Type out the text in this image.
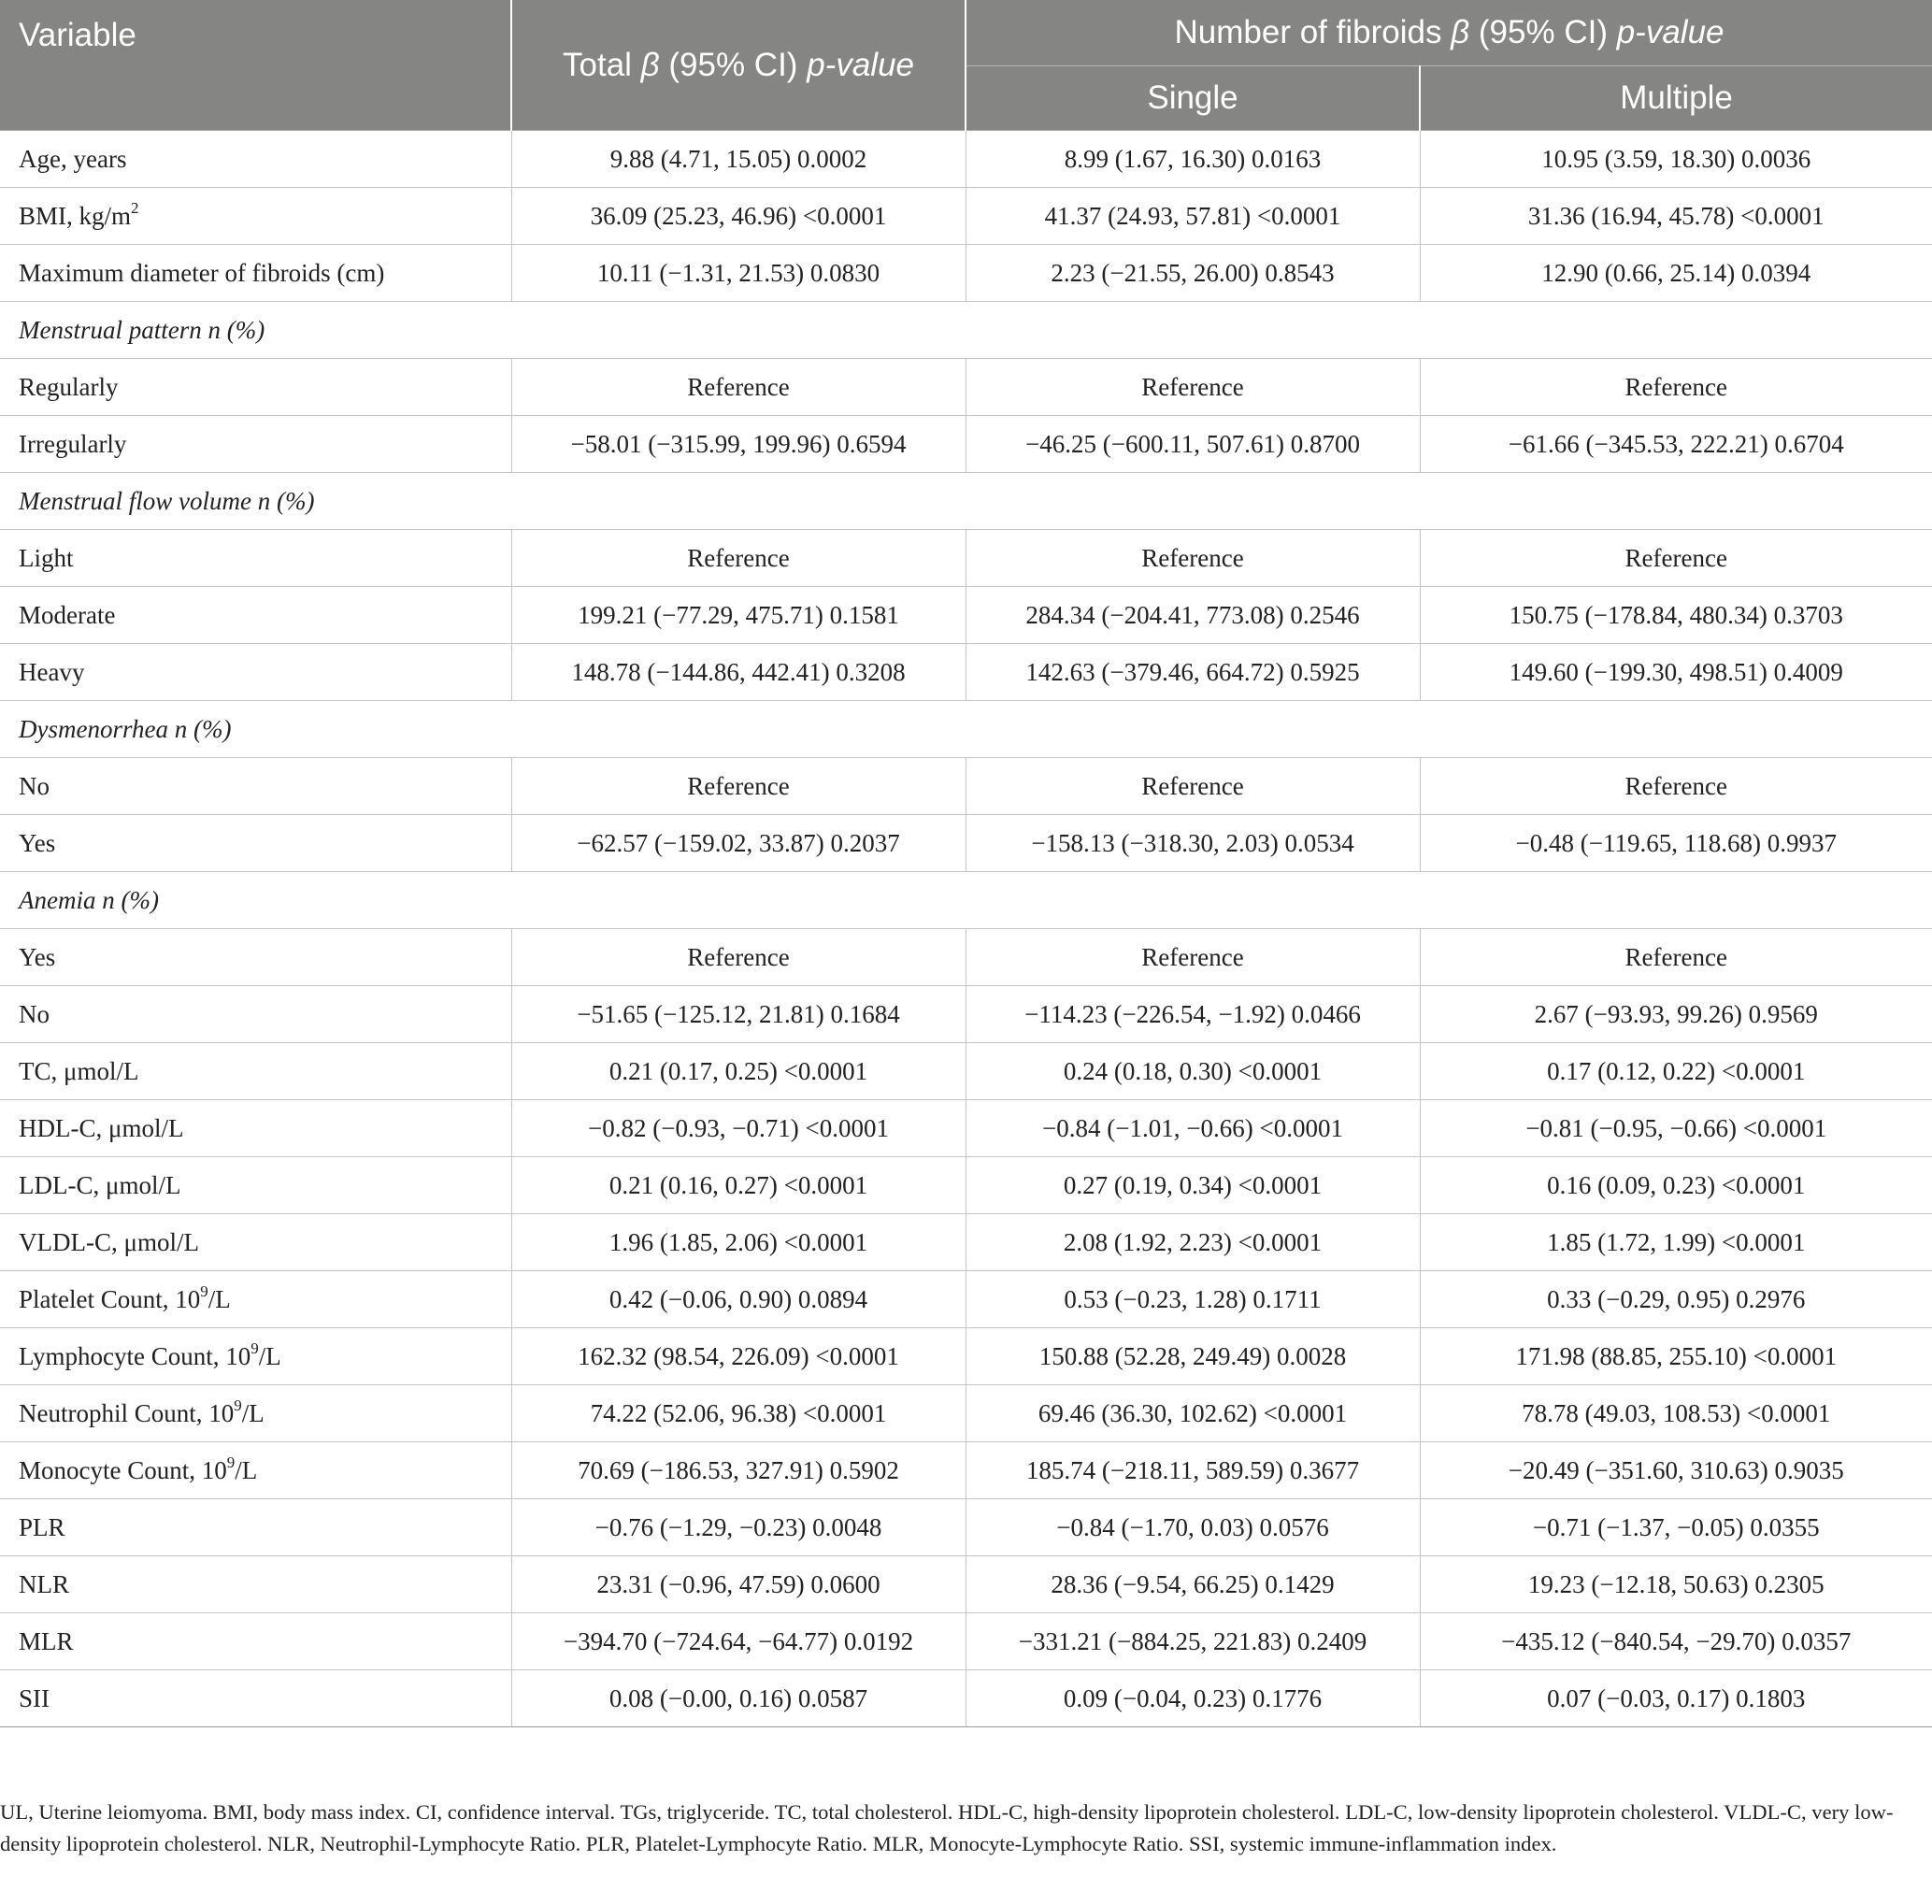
Variable	Total β (95% CI) p-value	Number of fibroids β (95% CI) p-value	
		Single	Multiple
Age, years	9.88 (4.71, 15.05) 0.0002	8.99 (1.67, 16.30) 0.0163	10.95 (3.59, 18.30) 0.0036
BMI, $kg/m^2$	36.09 (25.23, 46.96) <0.0001	41.37 (24.93, 57.81) <0.0001	31.36 (16.94, 45.78) <0.0001
Maximum diameter of fibroids (cm)	10.11 (−1.31, 21.53) 0.0830	2.23 (−21.55, 26.00) 0.8543	12.90 (0.66, 25.14) 0.0394
Menstrual pattern n (%)			
Regularly	Reference	Reference	Reference
Irregularly	−58.01 (−315.99, 199.96) 0.6594	−46.25 (−600.11, 507.61) 0.8700	−61.66 (−345.53, 222.21) 0.6704
Menstrual flow volume n (%)			
Light	Reference	Reference	Reference
Moderate	199.21 (−77.29, 475.71) 0.1581	284.34 (−204.41, 773.08) 0.2546	150.75 (−178.84, 480.34) 0.3703
Heavy	148.78 (−144.86, 442.41) 0.3208	142.63 (−379.46, 664.72) 0.5925	149.60 (−199.30, 498.51) 0.4009
Dysmenorrhea n (%)			
No	Reference	Reference	Reference
Yes	−62.57 (−159.02, 33.87) 0.2037	−158.13 (−318.30, 2.03) 0.0534	−0.48 (−119.65, 118.68) 0.9937
Anemia n (%)			
Yes	Reference	Reference	Reference
No	−51.65 (−125.12, 21.81) 0.1684	−114.23 (−226.54, −1.92) 0.0466	2.67 (−93.93, 99.26) 0.9569
TC, μmol/L	0.21 (0.17, 0.25) <0.0001	0.24 (0.18, 0.30) <0.0001	0.17 (0.12, 0.22) <0.0001
HDL-C, μmol/L	−0.82 (−0.93, −0.71) <0.0001	−0.84 (−1.01, −0.66) <0.0001	−0.81 (−0.95, −0.66) <0.0001
LDL-C, μmol/L	0.21 (0.16, 0.27) <0.0001	0.27 (0.19, 0.34) <0.0001	0.16 (0.09, 0.23) <0.0001
VLDL-C, μmol/L	1.96 (1.85, 2.06) <0.0001	2.08 (1.92, 2.23) <0.0001	1.85 (1.72, 1.99) <0.0001
Platelet Count, $10^9/L$	0.42 (−0.06, 0.90) 0.0894	0.53 (−0.23, 1.28) 0.1711	0.33 (−0.29, 0.95) 0.2976
Lymphocyte Count, $10^9/L$	162.32 (98.54, 226.09) <0.0001	150.88 (52.28, 249.49) 0.0028	171.98 (88.85, 255.10) <0.0001
Neutrophil Count, $10^9/L$	74.22 (52.06, 96.38) <0.0001	69.46 (36.30, 102.62) <0.0001	78.78 (49.03, 108.53) <0.0001
Monocyte Count, $10^9/L$	70.69 (−186.53, 327.91) 0.5902	185.74 (−218.11, 589.59) 0.3677	−20.49 (−351.60, 310.63) 0.9035
PLR	−0.76 (−1.29, −0.23) 0.0048	−0.84 (−1.70, 0.03) 0.0576	−0.71 (−1.37, −0.05) 0.0355
NLR	23.31 (−0.96, 47.59) 0.0600	28.36 (−9.54, 66.25) 0.1429	19.23 (−12.18, 50.63) 0.2305
MLR	−394.70 (−724.64, −64.77) 0.0192	−331.21 (−884.25, 221.83) 0.2409	−435.12 (−840.54, −29.70) 0.0357
SII	0.08 (−0.00, 0.16) 0.0587	0.09 (−0.04, 0.23) 0.1776	0.07 (−0.03, 0.17) 0.1803
UL, Uterine leiomyoma. BMI, body mass index. CI, confidence interval. TGs, triglyceride. TC, total cholesterol. HDL-C, high-density lipoprotein cholesterol. LDL-C, low-density lipoprotein cholesterol. VLDL-C, very low-density lipoprotein cholesterol. NLR, Neutrophil-Lymphocyte Ratio. PLR, Platelet-Lymphocyte Ratio. MLR, Monocyte-Lymphocyte Ratio. SSI, systemic immune-inflammation index.
